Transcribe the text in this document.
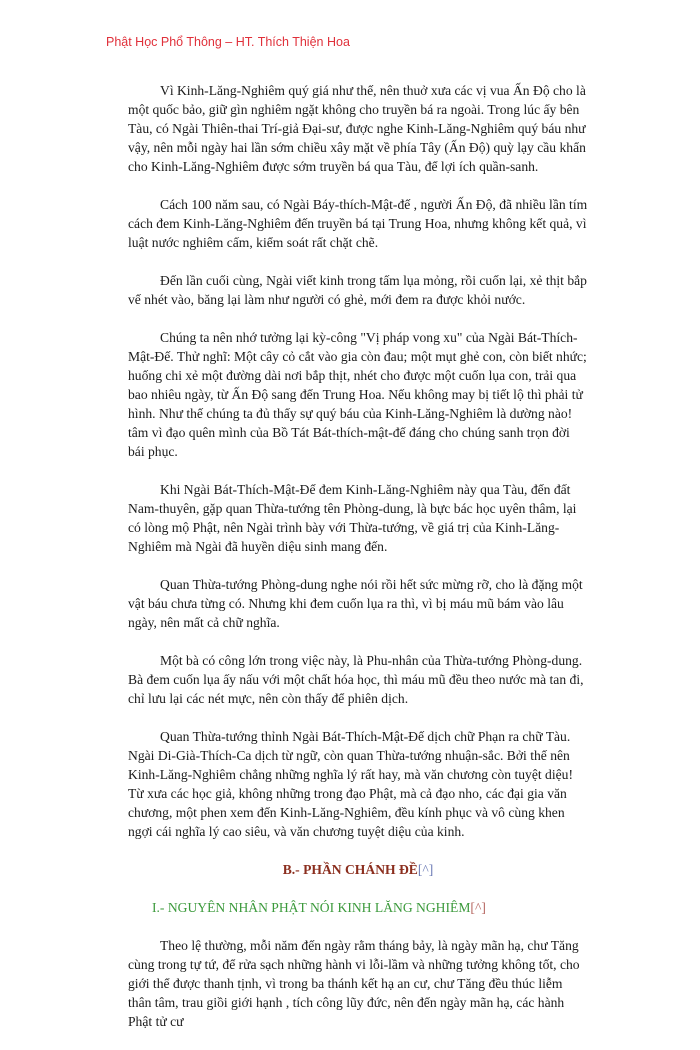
Phật Học Phổ Thông – HT. Thích Thiện Hoa

Vì Kinh-Lăng-Nghiêm quý giá như thế, nên thuở xưa các vị vua Ấn Độ cho là một quốc bảo, giữ gìn nghiêm ngặt không cho truyền bá ra ngoài. Trong lúc ấy bên Tàu, có Ngài Thiên-thai Trí-giả Đại-sư, được nghe Kinh-Lăng-Nghiêm quý báu như vậy, nên mỗi ngày hai lần sớm chiều xây mặt về phía Tây (Ấn Độ) quỳ lạy cầu khẩn cho Kinh-Lăng-Nghiêm được sớm truyền bá qua Tàu, để lợi ích quần-sanh.

Cách 100 năm sau, có Ngài Báy-thích-Mật-đế , người Ấn Độ, đã nhiều lần tím cách đem Kinh-Lăng-Nghiêm đến truyền bá tại Trung Hoa, nhưng không kết quả, vì luật nước nghiêm cấm, kiểm soát rất chặt chẽ.

Đến lần cuối cùng, Ngài viết kinh trong tấm lụa mỏng, rồi cuốn lại, xẻ thịt bắp vế nhét vào, băng lại làm như người có ghẻ, mới đem ra được khỏi nước.

Chúng ta nên nhớ tưởng lại kỳ-công "Vị pháp vong xu" của Ngài Bát-Thích-Mật-Đế. Thử nghĩ: Một cây cỏ cắt vào gia còn đau; một mụt ghẻ con, còn biết nhức; huống chi xẻ một đường dài nơi bắp thịt, nhét cho được một cuốn lụa con, trải qua bao nhiêu ngày, từ Ấn Độ sang đến Trung Hoa. Nếu không may bị tiết lộ thì phải tử hình. Như thế chúng ta đủ thấy sự quý báu của Kinh-Lăng-Nghiêm là dường nào! tâm vì đạo quên mình của Bồ Tát Bát-thích-mật-đế đáng cho chúng sanh trọn đời bái phục.

Khi Ngài Bát-Thích-Mật-Đế đem Kinh-Lăng-Nghiêm này qua Tàu, đến đất Nam-thuyên, gặp quan Thừa-tướng tên Phòng-dung, là bực bác học uyên thâm, lại có lòng mộ Phật, nên Ngài trình bày với Thừa-tướng, về giá trị của Kinh-Lăng-Nghiêm mà Ngài đã huyền diệu sinh mang đến.

Quan Thừa-tướng Phòng-dung nghe nói rồi hết sức mừng rỡ, cho là đặng một vật báu chưa từng có. Nhưng khi đem cuốn lụa ra thì, vì bị máu mũ bám vào lâu ngày, nên mất cả chữ nghĩa.

Một bà có công lớn trong việc này, là Phu-nhân của Thừa-tướng Phòng-dung. Bà đem cuốn lụa ấy nấu với một chất hóa học, thì máu mũ đều theo nước mà tan đi, chỉ lưu lại các nét mực, nên còn thấy để phiên dịch.

Quan Thừa-tướng thỉnh Ngài Bát-Thích-Mật-Đế dịch chữ Phạn ra chữ Tàu. Ngài Di-Già-Thích-Ca dịch từ ngữ, còn quan Thừa-tướng nhuận-sắc. Bởi thế nên Kinh-Lăng-Nghiêm chẳng những nghĩa lý rất hay, mà văn chương còn tuyệt diệu! Từ xưa các học giả, không những trong đạo Phật, mà cả đạo nho, các đại gia văn chương, một phen xem đến Kinh-Lăng-Nghiêm, đều kính phục và vô cùng khen ngợi cái nghĩa lý cao siêu, và văn chương tuyệt diệu của kinh.

B.- PHẦN CHÁNH ĐỀ[^]
I.- NGUYÊN NHÂN PHẬT NÓI KINH LĂNG NGHIÊM[^]

Theo lệ thường, mỗi năm đến ngày rằm tháng bảy, là ngày mãn hạ, chư Tăng cùng trong tự tứ, để rửa sạch những hành vi lỗi-lầm và những tưởng không tốt, cho giới thể được thanh tịnh, vì trong ba thánh kết hạ an cư, chư Tăng đều thúc liễm thân tâm, trau giồi giới hạnh , tích công lũy đức, nên đến ngày mãn hạ, các hành Phật tử cư
